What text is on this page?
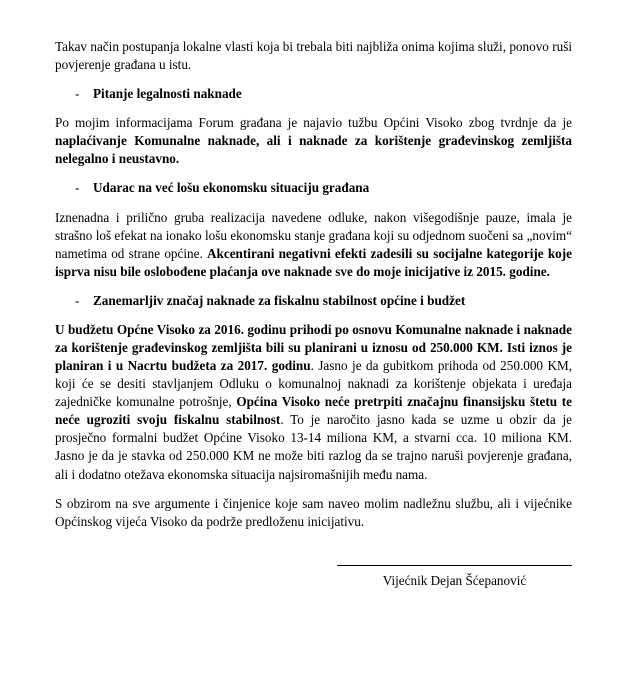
Takav način postupanja lokalne vlasti koja bi trebala biti najbliža onima kojima služi, ponovo ruši povjerenje građana u istu.

- Pitanje legalnosti naknade

Po mojim informacijama Forum građana je najavio tužbu Općini Visoko zbog tvrdnje da je naplaćivanje Komunalne naknade, ali i naknade za korištenje građevinskog zemljišta nelegalno i neustavno.

- Udarac na već lošu ekonomsku situaciju građana

Iznenadna i prilično gruba realizacija navedene odluke, nakon višegodišnje pauze, imala je strašno loš efekat na ionako lošu ekonomsku stanje građana koji su odjednom suočeni sa „novim“ nametima od strane općine. Akcentirani negativni efekti zadesili su socijalne kategorije koje isprva nisu bile oslobođene plaćanja ove naknade sve do moje inicijative iz 2015. godine.

- Zanemarljiv značaj naknade za fiskalnu stabilnost općine i budžet

U budžetu Općne Visoko za 2016. godinu prihodi po osnovu Komunalne naknade i naknade za korištenje građevinskog zemljišta bili su planirani u iznosu od 250.000 KM. Isti iznos je planiran i u Nacrtu budžeta za 2017. godinu. Jasno je da gubitkom prihoda od 250.000 KM, koji će se desiti stavljanjem Odluku o komunalnoj naknadi za korištenje objekata i uređaja zajedničke komunalne potrošnje, Općina Visoko neće pretrpiti značajnu finansijsku štetu te neće ugroziti svoju fiskalnu stabilnost. To je naročito jasno kada se uzme u obzir da je prosječno formalni budžet Općine Visoko 13-14 miliona KM, a stvarni cca. 10 miliona KM. Jasno je da je stavka od 250.000 KM ne može biti razlog da se trajno naruši povjerenje građana, ali i dodatno otežava ekonomska situacija najsiromašnijih među nama.

S obzirom na sve argumente i činjenice koje sam naveo molim nadležnu službu, ali i vijećnike Općinskog vijeća Visoko da podrže predloženu inicijativu.

Vijećnik Dejan Šćepanović
